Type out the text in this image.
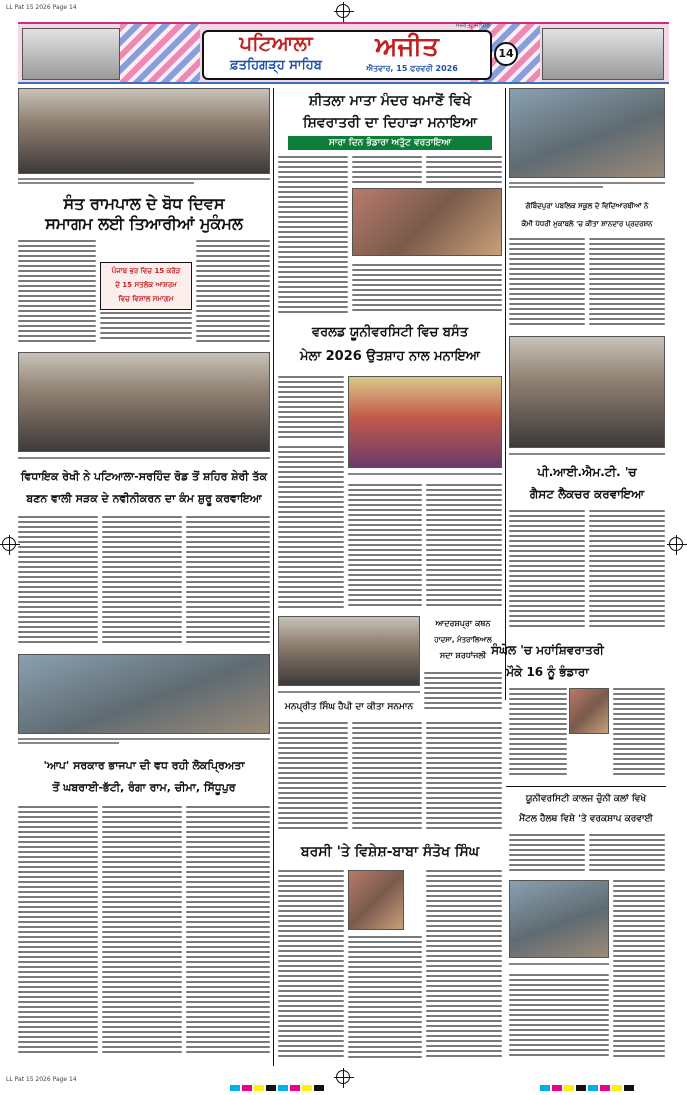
LL Pat 15 2026 Page 14
ਪਟਿਆਲਾ
ਫ਼ਤਹਿਗੜ੍ਹ ਸਾਹਿਬ
ਅਜੀਤ
ਐਤਵਾਰ, 15 ਫਰਵਰੀ 2026
ਅਜੀਤ, ਜਲੰਧਰ
14
ਸੰਤ ਰਾਮਪਾਲ ਦੇ ਬੋਧ ਦਿਵਸ
ਸਮਾਗਮ ਲਈ ਤਿਆਰੀਆਂ ਮੁਕੰਮਲ
ਪੰਜਾਬ ਭਰ ਵਿਚ 15 ਕਰੋੜ
ਦੇ 15 ਸਤਲੋਕ ਆਸ਼ਰਮ
ਵਿਚ ਵਿਸ਼ਾਲ ਸਮਾਗਮ
ਵਿਧਾਇਕ ਰੇਖੀ ਨੇ ਪਟਿਆਲਾ-ਸਰਹਿੰਦ ਰੋਡ ਤੋਂ ਸ਼ਹਿਰ ਸ਼ੇਰੀ ਤੱਕ
ਬਣਨ ਵਾਲੀ ਸੜਕ ਦੇ ਨਵੀਨੀਕਰਨ ਦਾ ਕੰਮ ਸ਼ੁਰੂ ਕਰਵਾਇਆ
'ਆਪ' ਸਰਕਾਰ ਭਾਜਪਾ ਦੀ ਵਧ ਰਹੀ ਲੋਕਪ੍ਰਿਅਤਾ
ਤੋਂ ਘਬਰਾਈ-ਭੱਟੀ, ਰੰਗਾ ਰਾਮ, ਚੀਮਾ, ਸਿੱਧੂਪੁਰ
ਸ਼ੀਤਲਾ ਮਾਤਾ ਮੰਦਰ ਖਮਾਣੋਂ ਵਿਖੇ
ਸ਼ਿਵਰਾਤਰੀ ਦਾ ਦਿਹਾੜਾ ਮਨਾਇਆ
ਸਾਰਾ ਦਿਨ ਭੰਡਾਰਾ ਅਤੁੱਟ ਵਰਤਾਇਆ
ਵਰਲਡ ਯੂਨੀਵਰਸਿਟੀ ਵਿਚ ਬਸੰਤ
ਮੇਲਾ 2026 ਉਤਸ਼ਾਹ ਨਾਲ ਮਨਾਇਆ
ਮਨਪ੍ਰੀਤ ਸਿੰਘ ਹੈਪੀ ਦਾ ਕੀਤਾ ਸਨਮਾਨ
ਆਦਰਸ਼ਪ੍ਰਾ ਕਥਨ
ਹਾਦਸਾ, ਮੰਤਰਾਲਿਆਲ
ਸਦਾ ਸ਼ਰਧਾਂਜਲੀ
ਬਰਸੀ 'ਤੇ ਵਿਸ਼ੇਸ਼-ਬਾਬਾ ਸੰਤੋਖ ਸਿੰਘ
ਗੋਬਿੰਦਪੁਰਾ ਪਬਲਿਕ ਸਕੂਲ ਦੇ ਵਿਦਿਆਰਥੀਆਂ ਨੇ
ਕੌਮੀ ਪੱਧਰੀ ਮੁਕਾਬਲੇ 'ਚ ਕੀਤਾ ਸ਼ਾਨਦਾਰ ਪ੍ਰਦਰਸ਼ਨ
ਪੀ.ਆਈ.ਐਮ.ਟੀ. 'ਚ
ਗੈਸਟ ਲੈਕਚਰ ਕਰਵਾਇਆ
ਸੰਘੋਲ 'ਚ ਮਹਾਂਸ਼ਿਵਰਾਤਰੀ
ਮੌਕੇ 16 ਨੂੰ ਭੰਡਾਰਾ
ਯੂਨੀਵਰਸਿਟੀ ਕਾਲਜ ਚੁੰਨੀ ਕਲਾਂ ਵਿਖੇ
ਮੈਂਟਲ ਹੈਲਥ ਵਿਸ਼ੇ 'ਤੇ ਵਰਕਸ਼ਾਪ ਕਰਵਾਈ
LL Pat 15 2026 Page 14
